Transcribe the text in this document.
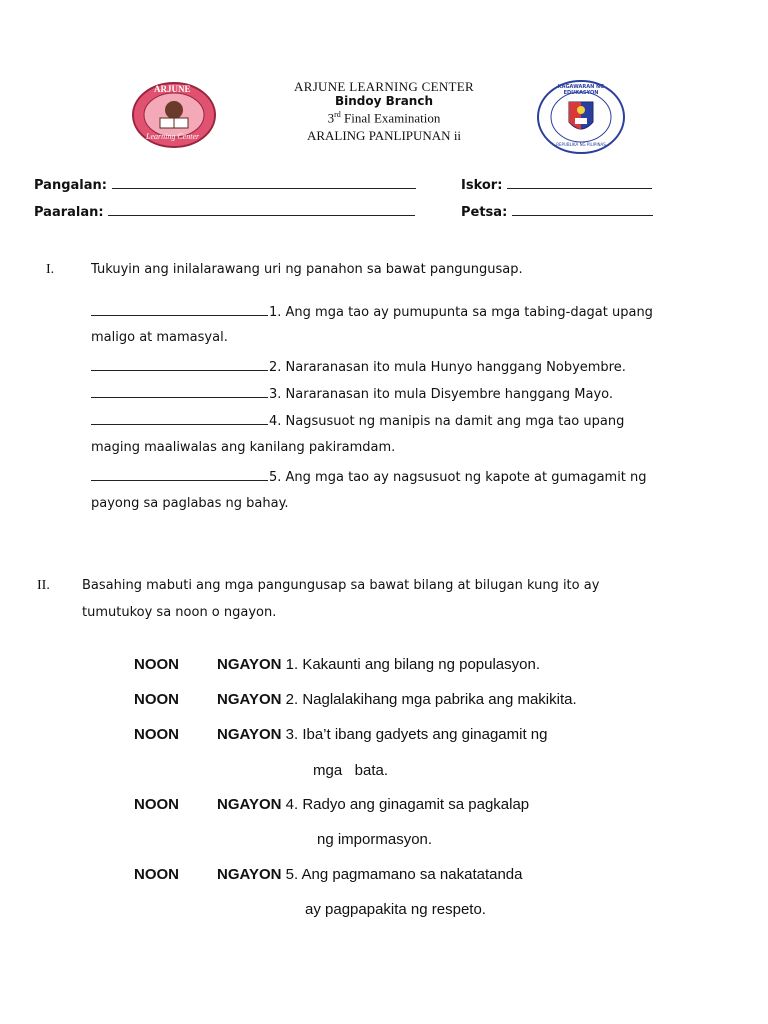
ARJUNE
Learning Center
KAGAWARAN NG EDUKASYON
REPUBLIKA NG PILIPINAS
ARJUNE LEARNING CENTER
Bindoy Branch
3rd Final Examination
ARALING PANLIPUNAN ii
Pangalan:	Iskor:
Paaralan:	Petsa:
I.	Tukuyin ang inilalarawang uri ng panahon sa bawat pangungusap.
1. Ang mga tao ay pumupunta sa mga tabing-dagat upang
maligo at mamasyal.
2. Nararanasan ito mula Hunyo hanggang Nobyembre.
3. Nararanasan ito mula Disyembre hanggang Mayo.
4. Nagsusuot ng manipis na damit ang mga tao upang
maging maaliwalas ang kanilang pakiramdam.
5. Ang mga tao ay nagsusuot ng kapote at gumagamit ng
payong sa paglabas ng bahay.
II. Basahing mabuti ang mga pangungusap sa bawat bilang at bilugan kung ito ay
tumutukoy sa noon o ngayon.
NOON	NGAYON 1. Kakaunti ang bilang ng populasyon.
NOON	NGAYON 2. Naglalakihang mga pabrika ang makikita.
NOON	NGAYON 3. Iba’t ibang gadyets ang ginagamit ng
mga   bata.
NOON	NGAYON 4. Radyo ang ginagamit sa pagkalap
ng impormasyon.
NOON	NGAYON 5. Ang pagmamano sa nakatatanda
ay pagpapakita ng respeto.
